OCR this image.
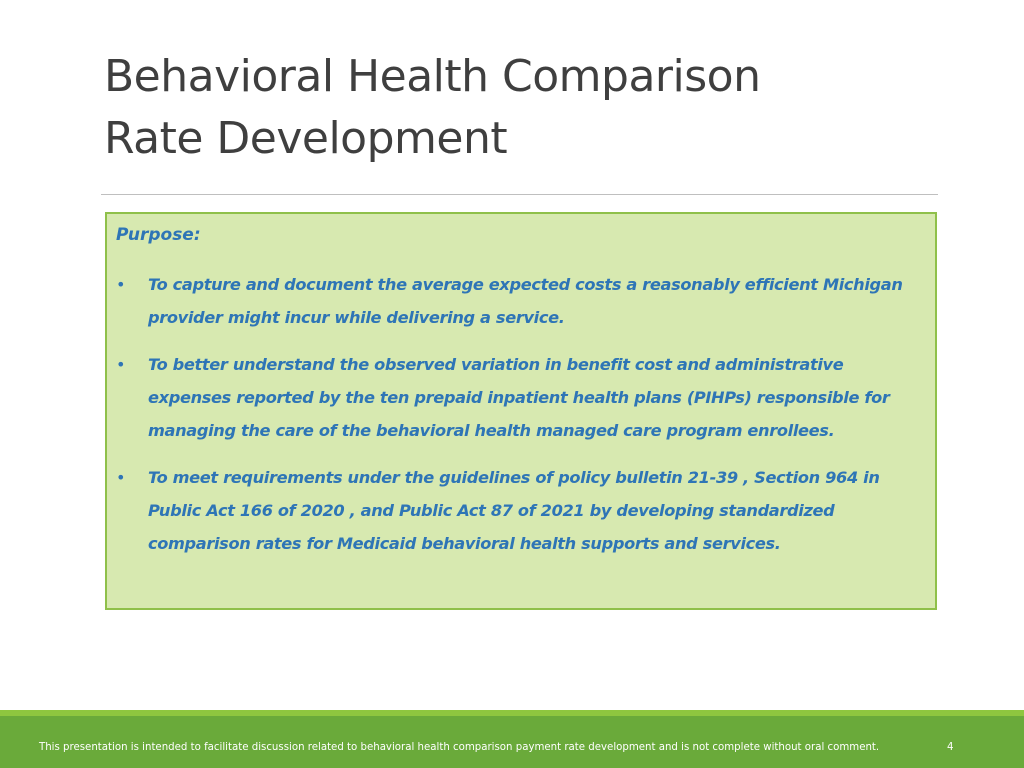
Behavioral Health Comparison
Rate Development

Purpose:

• To capture and document the average expected costs a reasonably efficient Michigan provider might incur while delivering a service.
• To better understand the observed variation in benefit cost and administrative expenses reported by the ten prepaid inpatient health plans (PIHPs) responsible for managing the care of the behavioral health managed care program enrollees.
• To meet requirements under the guidelines of policy bulletin 21-39 , Section 964 in Public Act 166 of 2020 , and Public Act 87 of 2021 by developing standardized comparison rates for Medicaid behavioral health supports and services.
This presentation is intended to facilitate discussion related to behavioral health comparison payment rate development and is not complete without oral comment.	4
